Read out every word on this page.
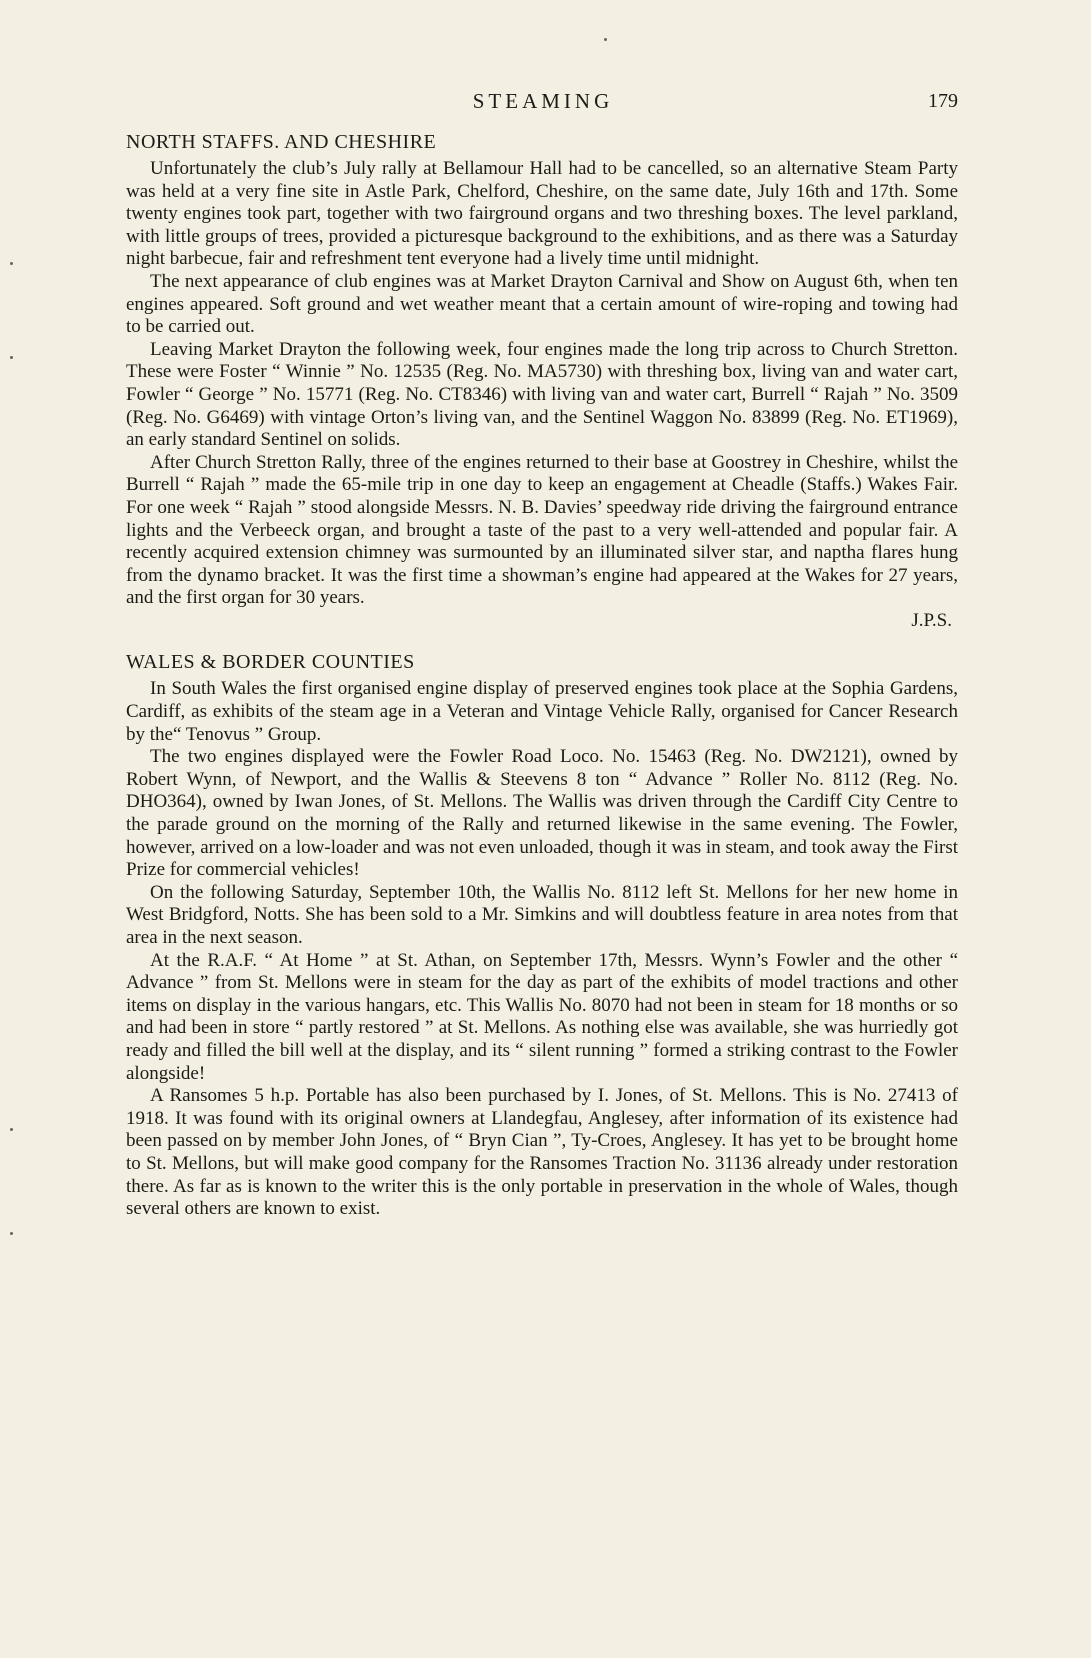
STEAMING	179
NORTH STAFFS. AND CHESHIRE

Unfortunately the club’s July rally at Bellamour Hall had to be cancelled, so an alternative Steam Party was held at a very fine site in Astle Park, Chelford, Cheshire, on the same date, July 16th and 17th. Some twenty engines took part, together with two fairground organs and two threshing boxes. The level parkland, with little groups of trees, provided a picturesque background to the exhibitions, and as there was a Saturday night barbecue, fair and refreshment tent everyone had a lively time until midnight.

The next appearance of club engines was at Market Drayton Carnival and Show on August 6th, when ten engines appeared. Soft ground and wet weather meant that a certain amount of wire-roping and towing had to be carried out.

Leaving Market Drayton the following week, four engines made the long trip across to Church Stretton. These were Foster “ Winnie ” No. 12535 (Reg. No. MA5730) with threshing box, living van and water cart, Fowler “ George ” No. 15771 (Reg. No. CT8346) with living van and water cart, Burrell “ Rajah ” No. 3509 (Reg. No. G6469) with vintage Orton’s living van, and the Sentinel Waggon No. 83899 (Reg. No. ET1969), an early standard Sentinel on solids.

After Church Stretton Rally, three of the engines returned to their base at Goostrey in Cheshire, whilst the Burrell “ Rajah ” made the 65-mile trip in one day to keep an engagement at Cheadle (Staffs.) Wakes Fair. For one week “ Rajah ” stood alongside Messrs. N. B. Davies’ speedway ride driving the fairground entrance lights and the Verbeeck organ, and brought a taste of the past to a very well-attended and popular fair. A recently acquired extension chimney was surmounted by an illuminated silver star, and naptha flares hung from the dynamo bracket. It was the first time a showman’s engine had appeared at the Wakes for 27 years, and the first organ for 30 years.

J.P.S.

WALES & BORDER COUNTIES

In South Wales the first organised engine display of preserved engines took place at the Sophia Gardens, Cardiff, as exhibits of the steam age in a Veteran and Vintage Vehicle Rally, organised for Cancer Research by the“ Tenovus ” Group.

The two engines displayed were the Fowler Road Loco. No. 15463 (Reg. No. DW2121), owned by Robert Wynn, of Newport, and the Wallis & Steevens 8 ton “ Advance ” Roller No. 8112 (Reg. No. DHO364), owned by Iwan Jones, of St. Mellons. The Wallis was driven through the Cardiff City Centre to the parade ground on the morning of the Rally and returned likewise in the same evening. The Fowler, however, arrived on a low-loader and was not even unloaded, though it was in steam, and took away the First Prize for commercial vehicles!

On the following Saturday, September 10th, the Wallis No. 8112 left St. Mellons for her new home in West Bridgford, Notts. She has been sold to a Mr. Simkins and will doubtless feature in area notes from that area in the next season.

At the R.A.F. “ At Home ” at St. Athan, on September 17th, Messrs. Wynn’s Fowler and the other “ Advance ” from St. Mellons were in steam for the day as part of the exhibits of model tractions and other items on display in the various hangars, etc. This Wallis No. 8070 had not been in steam for 18 months or so and had been in store “ partly restored ” at St. Mellons. As nothing else was available, she was hurriedly got ready and filled the bill well at the display, and its “ silent running ” formed a striking contrast to the Fowler alongside!

A Ransomes 5 h.p. Portable has also been purchased by I. Jones, of St. Mellons. This is No. 27413 of 1918. It was found with its original owners at Llandegfau, Anglesey, after information of its existence had been passed on by member John Jones, of “ Bryn Cian ”, Ty-Croes, Anglesey. It has yet to be brought home to St. Mellons, but will make good company for the Ransomes Traction No. 31136 already under restoration there. As far as is known to the writer this is the only portable in preservation in the whole of Wales, though several others are known to exist.
